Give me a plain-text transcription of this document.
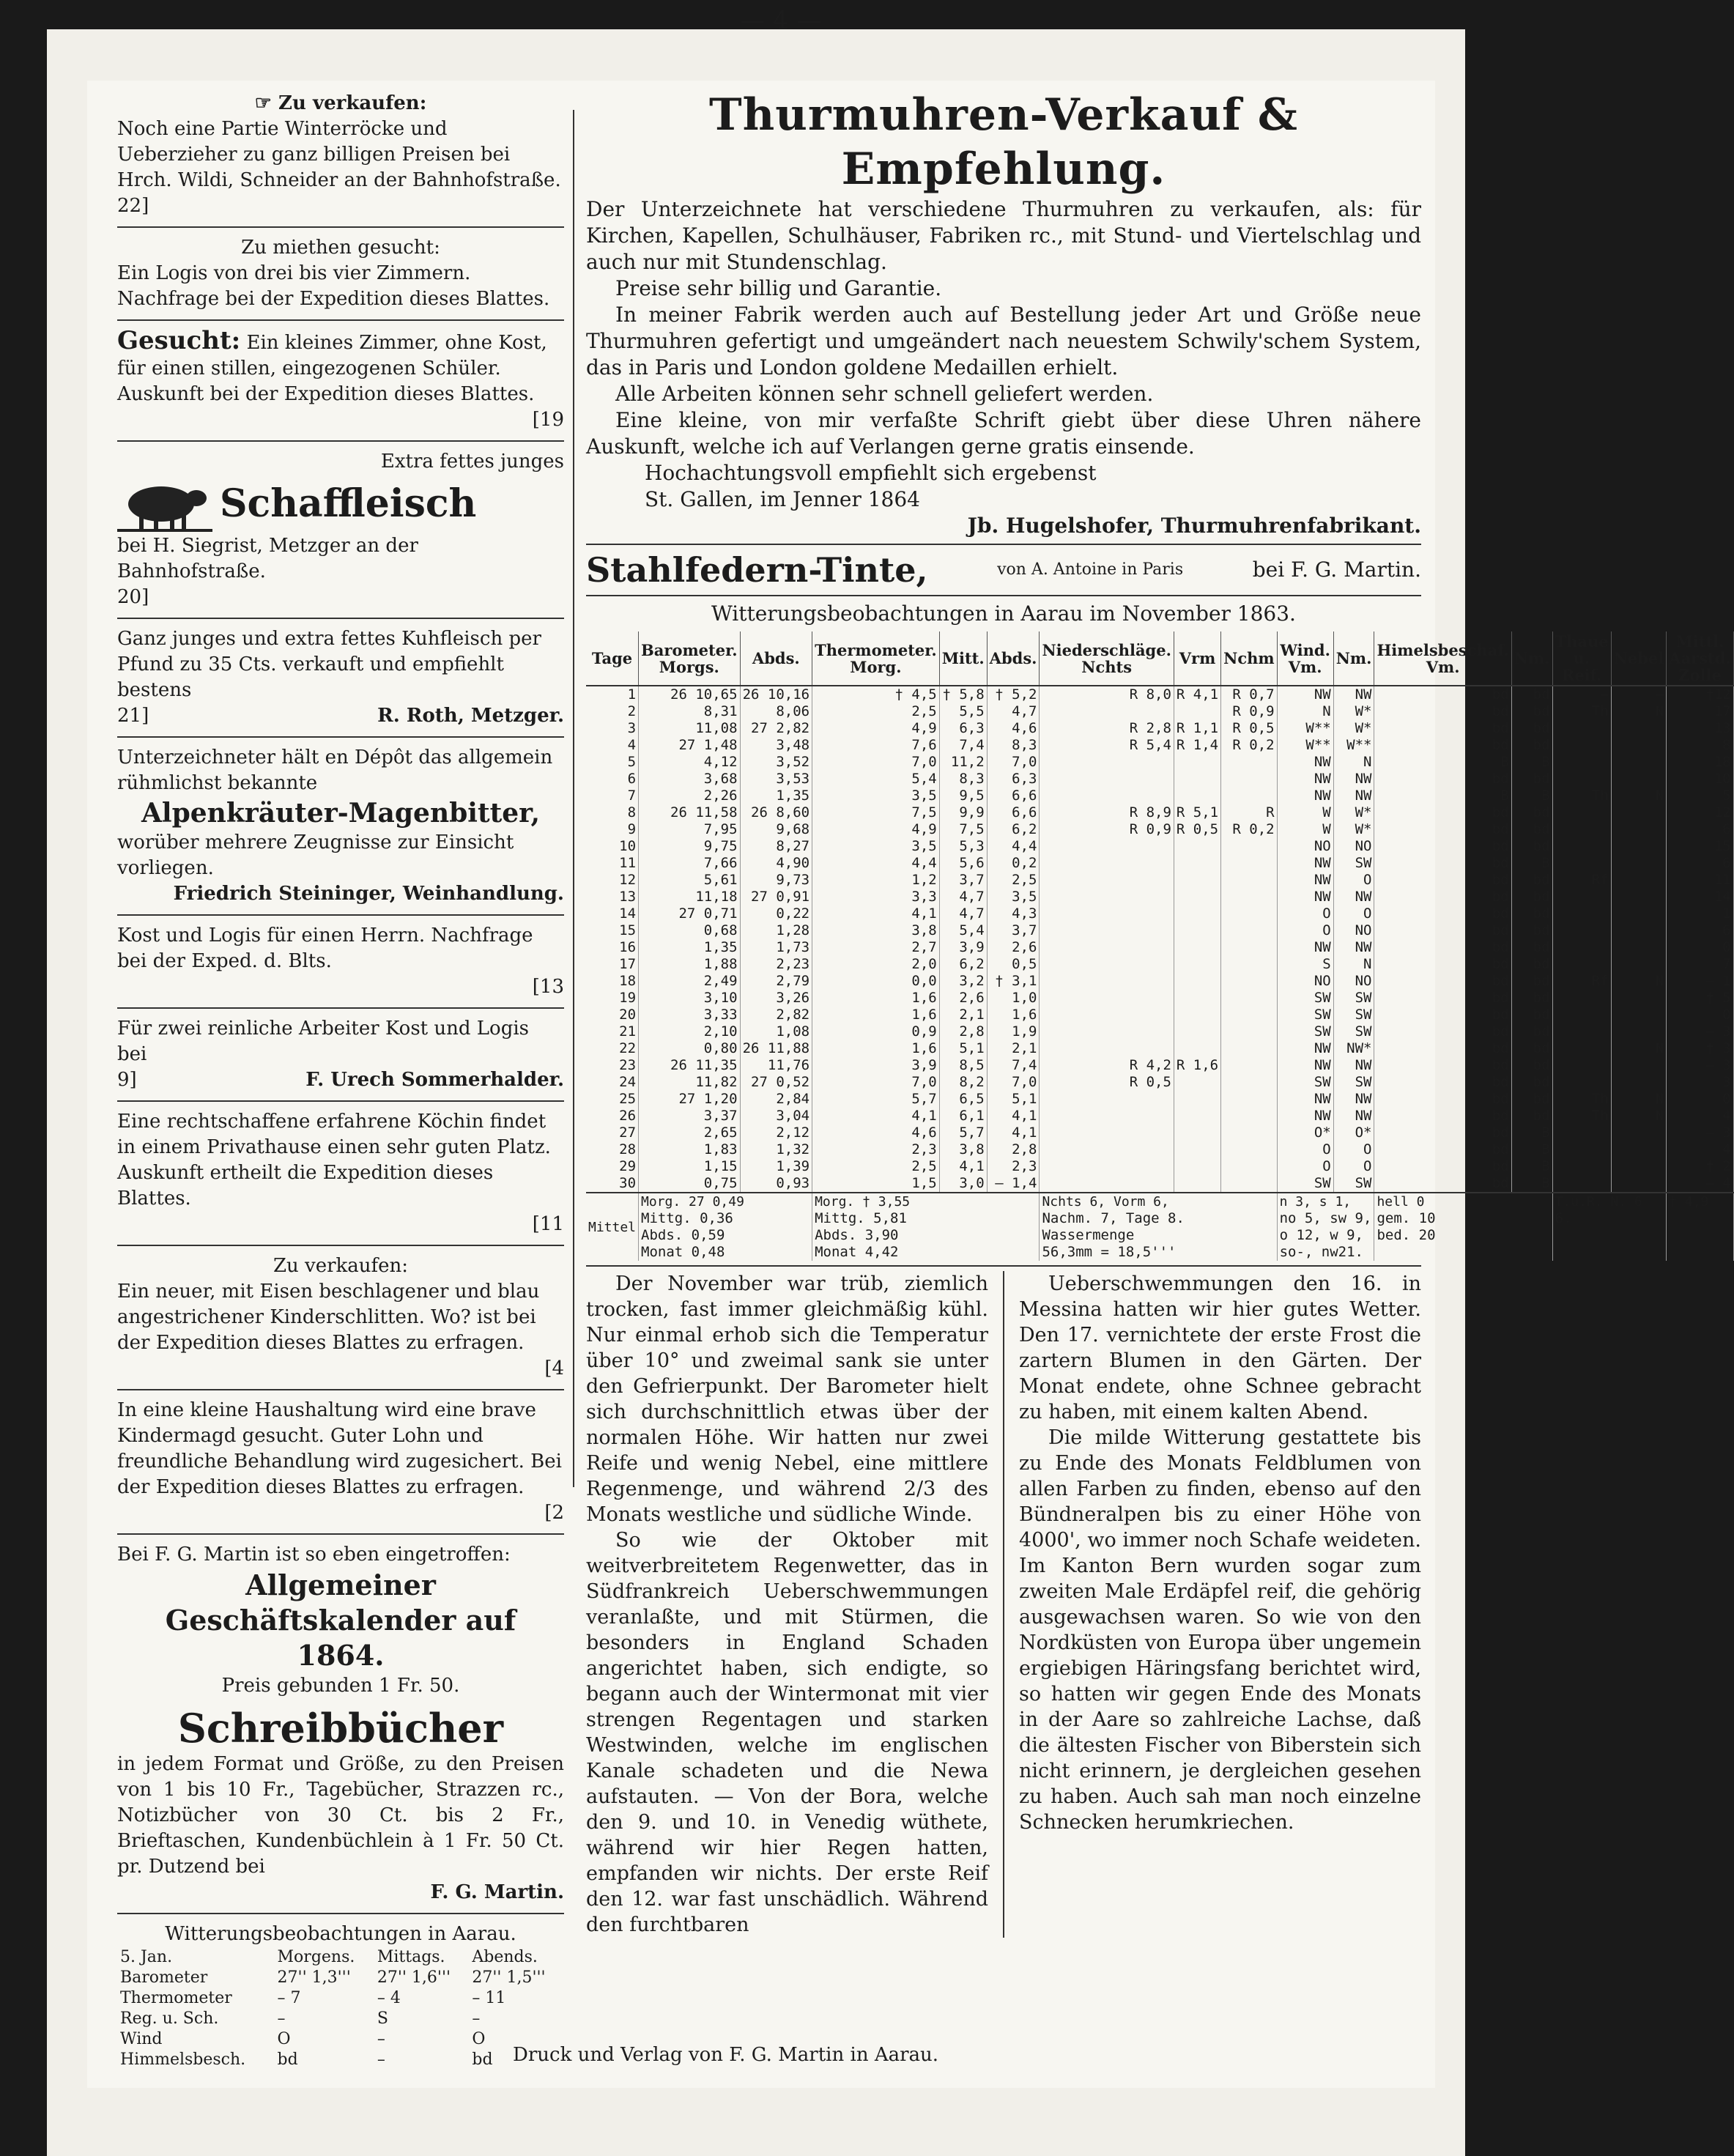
— 4 —

☞ Zu verkaufen:

Noch eine Partie Winterröcke und Ueberzieher zu ganz billigen Preisen bei Hrch. Wildi, Schneider an der Bahnhofstraße.

22]

Zu miethen gesucht:

Ein Logis von drei bis vier Zimmern. Nachfrage bei der Expedition dieses Blattes.

Gesucht: Ein kleines Zimmer, ohne Kost, für einen stillen, eingezogenen Schüler. Auskunft bei der Expedition dieses Blattes.

[19

Extra fettes junges

Schaffleisch

bei H. Siegrist, Metzger an der Bahnhofstraße.

20]

Ganz junges und extra fettes Kuhfleisch per Pfund zu 35 Cts. verkauft und empfiehlt bestens

21]	R. Roth, Metzger.

Unterzeichneter hält en Dépôt das allgemein rühmlichst bekannte

Alpenkräuter-Magenbitter,

worüber mehrere Zeugnisse zur Einsicht vorliegen.

Friedrich Steininger, Weinhandlung.

Kost und Logis für einen Herrn. Nachfrage bei der Exped. d. Blts.

[13

Für zwei reinliche Arbeiter Kost und Logis bei

9]	F. Urech Sommerhalder.

Eine rechtschaffene erfahrene Köchin findet in einem Privathause einen sehr guten Platz. Auskunft ertheilt die Expedition dieses Blattes.

[11

Zu verkaufen:

Ein neuer, mit Eisen beschlagener und blau angestrichener Kinderschlitten. Wo? ist bei der Expedition dieses Blattes zu erfragen.

[4

In eine kleine Haushaltung wird eine brave Kindermagd gesucht. Guter Lohn und freundliche Behandlung wird zugesichert. Bei der Expedition dieses Blattes zu erfragen.

[2

Bei F. G. Martin ist so eben eingetroffen:

Allgemeiner Geschäftskalender auf 1864.

Preis gebunden 1 Fr. 50.

Schreibbücher

in jedem Format und Größe, zu den Preisen von 1 bis 10 Fr., Tagebücher, Strazzen rc., Notizbücher von 30 Ct. bis 2 Fr., Brieftaschen, Kundenbüchlein à 1 Fr. 50 Ct. pr. Dutzend bei

F. G. Martin.

Witterungsbeobachtungen in Aarau.

5. Jan.	Morgens.	Mittags.	Abends.
Barometer	27'' 1,3'''	27'' 1,6'''	27'' 1,5'''
Thermometer	– 7	– 4	– 11
Reg. u. Sch.	–	S	–
Wind	O	–	O
Himmelsbesch.	bd	–	bd

Thurmuhren-Verkauf & Empfehlung.

Der Unterzeichnete hat verschiedene Thurmuhren zu verkaufen, als: für Kirchen, Kapellen, Schulhäuser, Fabriken rc., mit Stund- und Viertelschlag und auch nur mit Stundenschlag.

Preise sehr billig und Garantie.

In meiner Fabrik werden auch auf Bestellung jeder Art und Größe neue Thurmuhren gefertigt und umgeändert nach neuestem Schwily'schem System, das in Paris und London goldene Medaillen erhielt.

Alle Arbeiten können sehr schnell geliefert werden.

Eine kleine, von mir verfaßte Schrift giebt über diese Uhren nähere Auskunft, welche ich auf Verlangen gerne gratis einsende.

Hochachtungsvoll empfiehlt sich ergebenst

St. Gallen, im Jenner 1864

Jb. Hugelshofer, Thurmuhrenfabrikant.

Stahlfedern-Tinte,	von A. Antoine in Paris	bei F. G. Martin.

Witterungsbeobachtungen in Aarau im November 1863.

Tage	Barometer. Morgs.	Abds.	Thermometer. Morg.	Mitt.	Abds.	Niederschläge. Nchts	Vrm	Nchm	Wind. Vm.	Nm.	Himelsbeschaf. Vm.	Nm.	Thaue u. Reif.	Nebel	Mittl. Aarstd. Zolle
1	26 10,65	26 10,16	† 4,5	† 5,8	† 5,2	R 8,0	R 4,1	R 0,7	NW	NW	bd	bd	–	–	†12
2	8,31	8,06	2,5	5,5	4,7			R 0,9	N	W*	bd	bd	Th	N	17
3	11,08	27 2,82	4,9	6,3	4,6	R 2,8	R 1,1	R 0,5	W**	W*	bd	bd			13
4	27 1,48	3,48	7,6	7,4	8,3	R 5,4	R 1,4	R 0,2	W**	W**	bd	bd			8
5	4,12	3,52	7,0	11,2	7,0				NW	N	B	B			18
6	3,68	3,53	5,4	8,3	6,3				NW	NW	bd	bd			10
7	2,26	1,35	3,5	9,5	6,6				NW	NW	B	B	Th	N	5
8	26 11,58	26 8,60	7,5	9,9	6,6	R 8,9	R 5,1	R	W	W*	bd	bd			12
9	7,95	9,68	4,9	7,5	6,2	R 0,9	R 0,5	R 0,2	W	W*	bd	bd			6
10	9,75	8,27	3,5	5,3	4,4				NO	NO	bd	bd			15
11	7,66	4,90	4,4	5,6	0,2				NW	SW	bd	B			6
12	5,61	9,73	1,2	3,7	2,5				NW	O	bd	bd	Rf		11
13	11,18	27 0,91	3,3	4,7	3,5				NW	NW	bd	bd			14
14	27 0,71	0,22	4,1	4,7	4,3				O	O	bd	bd			1
15	0,68	1,28	3,8	5,4	3,7				O	NO	bd	bd			6
16	1,35	1,73	2,7	3,9	2,6				NW	NW	bd	bd			0
17	1,88	2,23	2,0	6,2	0,5				S	N	bd	bd			7
18	2,49	2,79	0,0	3,2	† 3,1				NO	NO	bd	bd	Rf	N	– 1
19	3,10	3,26	1,6	2,6	1,0				SW	SW	bd	bd			† 5
20	3,33	2,82	1,6	2,1	1,6				SW	SW	bd	bd			0
21	2,10	1,08	0,9	2,8	1,9				SW	SW	bd	bd			– 3
22	0,80	26 11,88	1,6	5,1	2,1				NW	NW*	bd	bd		N	† 3
23	26 11,35	11,76	3,9	8,5	7,4	R 4,2	R 1,6		NW	NW	bd	bd			– 3
24	11,82	27 0,52	7,0	8,2	7,0	R 0,5			SW	SW	bd	bd			3
25	27 1,20	2,84	5,7	6,5	5,1				NW	NW	bd	bd	Th	N	0
26	3,37	3,04	4,1	6,1	4,1				NW	NW	bd	bd	Th	N	4
27	2,65	2,12	4,6	5,7	4,1				O*	O*	bd	B			– 3
28	1,83	1,32	2,3	3,8	2,8				O	O	bd	B			4
29	1,15	1,39	2,5	4,1	2,3				O	O	bd	B			† 2
30	0,75	0,93	1,5	3,0	– 1,4				SW	SW	bd	B			– 4
Mittel	Morg. 27 0,49		Morg. † 3,55			Nchts 6, Vorm 6,			n 3, s 1,		hell 0		T.u.R. N. 6		† 4,9
	Mittg. 0,36		Mittg. 5,81			Nachm. 7, Tage 8.			no 5, sw 9,		gem. 10		6.		
	Abds. 0,59		Abds. 3,90			Wassermenge			o 12, w 9,		bed. 20				
	Monat 0,48		Monat 4,42			56,3mm = 18,5'''			so-, nw21.						

Der November war trüb, ziemlich trocken, fast immer gleichmäßig kühl. Nur einmal erhob sich die Temperatur über 10° und zweimal sank sie unter den Gefrierpunkt. Der Barometer hielt sich durchschnittlich etwas über der normalen Höhe. Wir hatten nur zwei Reife und wenig Nebel, eine mittlere Regenmenge, und während 2/3 des Monats westliche und südliche Winde.

So wie der Oktober mit weitverbreitetem Regenwetter, das in Südfrankreich Ueberschwemmungen veranlaßte, und mit Stürmen, die besonders in England Schaden angerichtet haben, sich endigte, so begann auch der Wintermonat mit vier strengen Regentagen und starken Westwinden, welche im englischen Kanale schadeten und die Newa aufstauten. — Von der Bora, welche den 9. und 10. in Venedig wüthete, während wir hier Regen hatten, empfanden wir nichts. Der erste Reif den 12. war fast unschädlich. Während den furchtbaren

Ueberschwemmungen den 16. in Messina hatten wir hier gutes Wetter. Den 17. vernichtete der erste Frost die zartern Blumen in den Gärten. Der Monat endete, ohne Schnee gebracht zu haben, mit einem kalten Abend.

Die milde Witterung gestattete bis zu Ende des Monats Feldblumen von allen Farben zu finden, ebenso auf den Bündneralpen bis zu einer Höhe von 4000', wo immer noch Schafe weideten. Im Kanton Bern wurden sogar zum zweiten Male Erdäpfel reif, die gehörig ausgewachsen waren. So wie von den Nordküsten von Europa über ungemein ergiebigen Häringsfang berichtet wird, so hatten wir gegen Ende des Monats in der Aare so zahlreiche Lachse, daß die ältesten Fischer von Biberstein sich nicht erinnern, je dergleichen gesehen zu haben. Auch sah man noch einzelne Schnecken herumkriechen.

Druck und Verlag von F. G. Martin in Aarau.
